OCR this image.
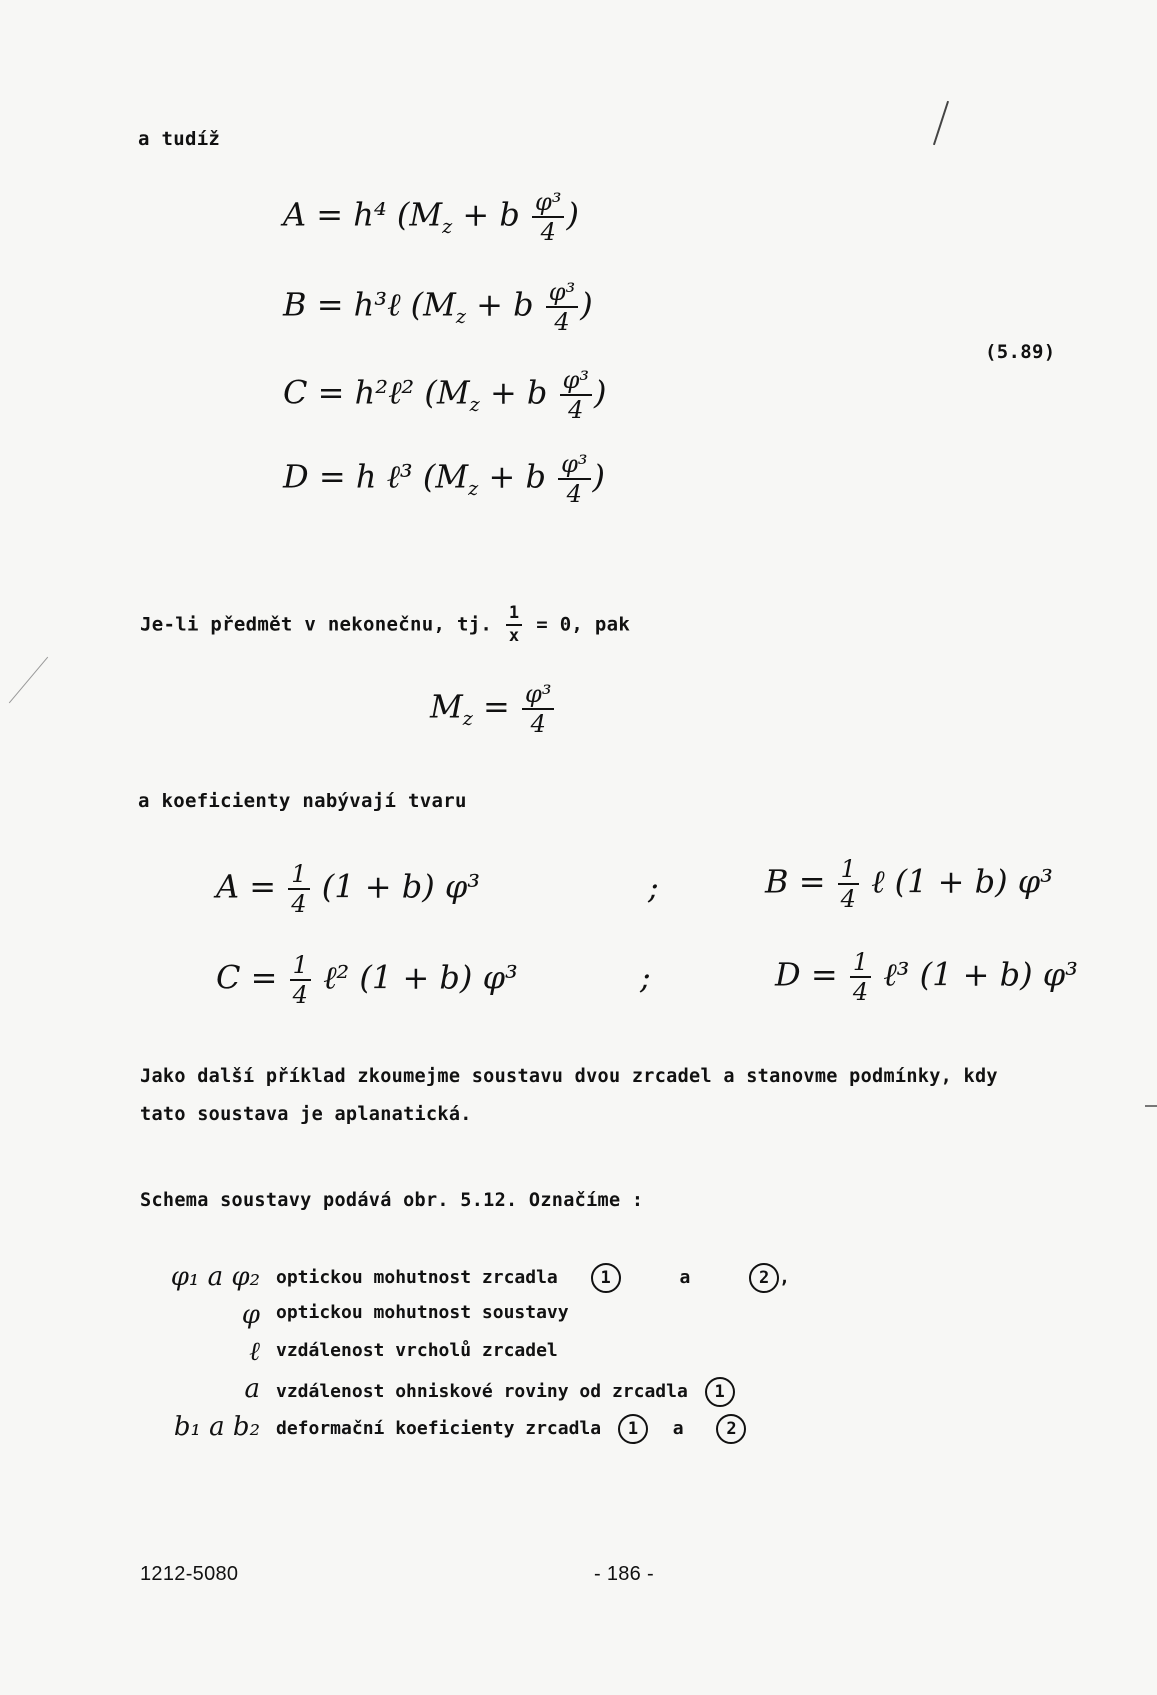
a tudíž
A = h⁴ ($M_z + b \frac{\text{φ³}}{4}$ )
B = h³ℓ ($M_z + b \frac{\text{φ³}}{4}$ )
C = h²ℓ² ($M_z + b \frac{\text{φ³}}{4}$ )
D = h ℓ³ ($M_z + b \frac{\text{φ³}}{4}$ )
(5.89)
Je-li předmět v nekonečnu, tj. $\frac{1}{x} = 0$, pak
$M_z = \frac{\text{φ³}}{4}$
a koeficienty nabývají tvaru
$A = \frac{1}{4} (1 + b)$ φ³	;	$B = \frac{1}{4}$ ℓ (1 + b) φ³
$C = \frac{1}{4}$ ℓ² (1 + b) φ³	;	$D = \frac{1}{4}$ ℓ³ (1 + b) φ³
Jako další příklad zkoumejme soustavu dvou zrcadel a stanovme podmínky, kdy
tato soustava je aplanatická.
Schema soustavy podává obr. 5.12. Označíme :
φ₁ a φ₂ optickou mohutnost zrcadla	1	a	2 ,
φ optickou mohutnost soustavy
ℓ vzdálenost vrcholů zrcadel
a vzdálenost ohniskové roviny od zrcadla 1
b₁ a b₂ deformační koeficienty zrcadla 1 a	2
1212-5080	- 186 -
